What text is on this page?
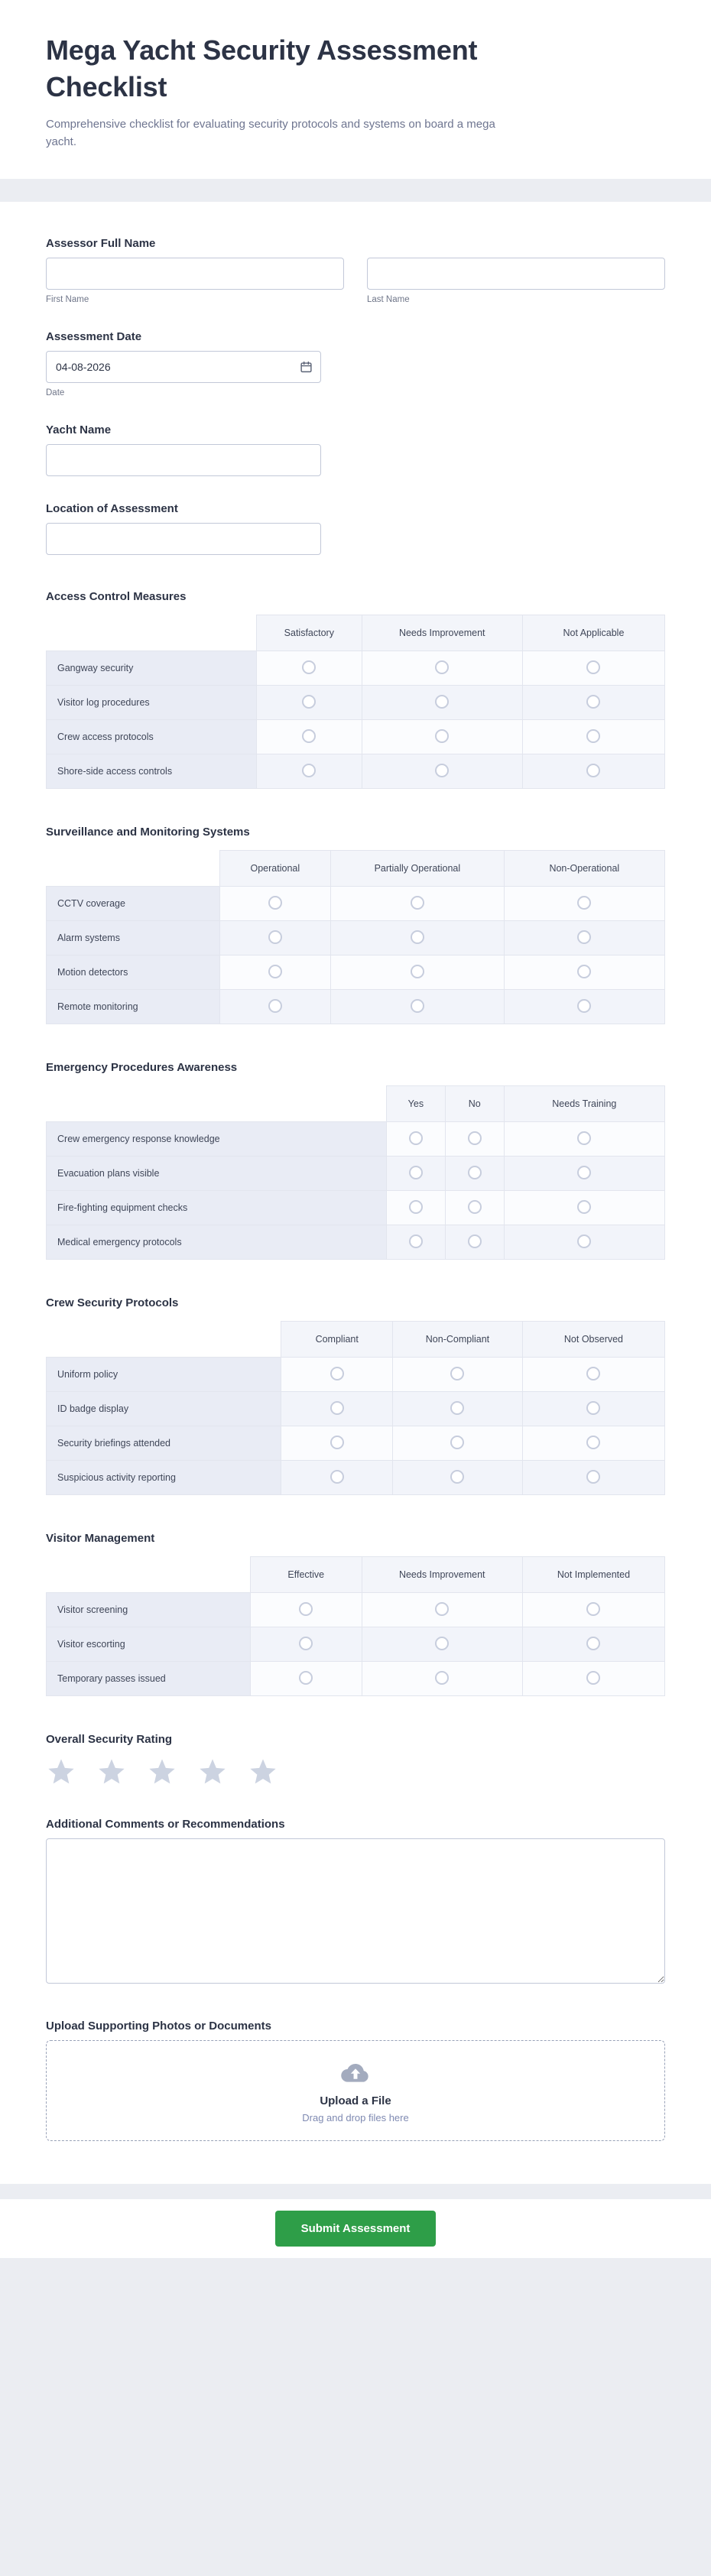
Mega Yacht Security Assessment Checklist

Comprehensive checklist for evaluating security protocols and systems on board a mega yacht.

Assessor Full Name
First Name	Last Name
Assessment Date
04-08-2026
Date
Yacht Name
Location of Assessment
Access Control Measures
	Satisfactory	Needs Improvement	Not Applicable
Gangway security			
Visitor log procedures			
Crew access protocols			
Shore-side access controls			
Surveillance and Monitoring Systems
	Operational	Partially Operational	Non-Operational
CCTV coverage			
Alarm systems			
Motion detectors			
Remote monitoring			
Emergency Procedures Awareness
	Yes	No	Needs Training
Crew emergency response knowledge			
Evacuation plans visible			
Fire-fighting equipment checks			
Medical emergency protocols			
Crew Security Protocols
	Compliant	Non-Compliant	Not Observed
Uniform policy			
ID badge display			
Security briefings attended			
Suspicious activity reporting			
Visitor Management
	Effective	Needs Improvement	Not Implemented
Visitor screening			
Visitor escorting			
Temporary passes issued			
Overall Security Rating
Additional Comments or Recommendations
Upload Supporting Photos or Documents
Upload a File
Drag and drop files here
Submit Assessment
